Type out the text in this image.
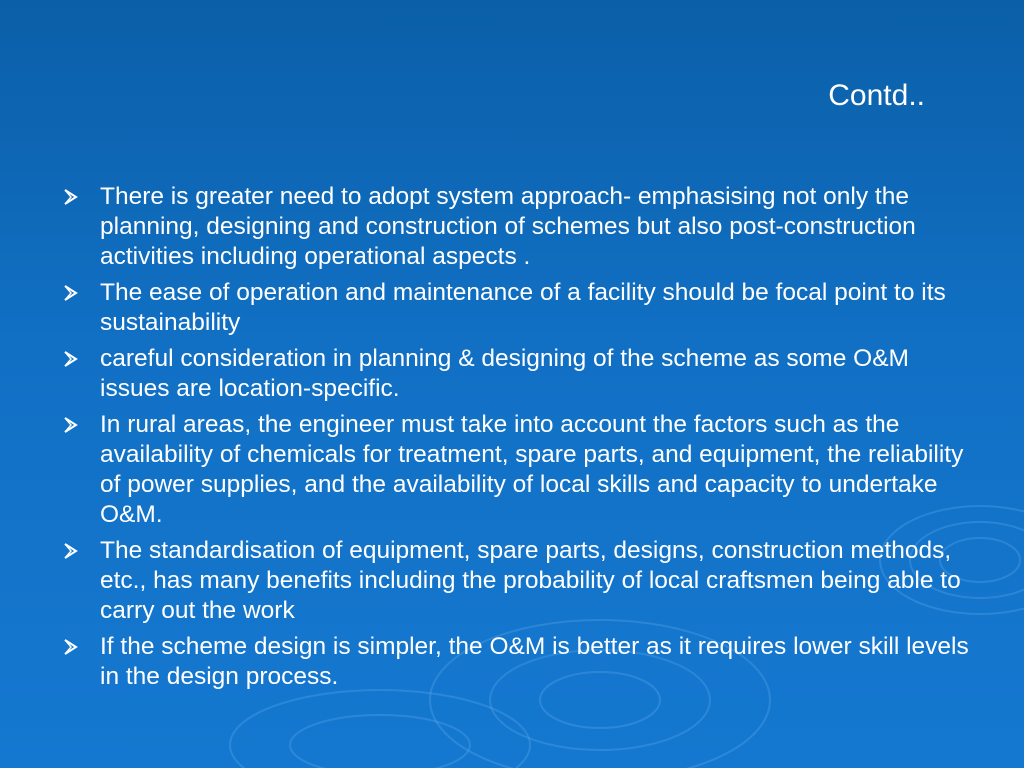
Contd..
There is greater need to adopt system approach- emphasising not only the planning, designing and construction of schemes but also post-construction activities including operational aspects .
The ease of operation and maintenance of a facility should be focal point to its sustainability
careful consideration in planning & designing of the scheme as some O&M issues are location-specific.
In rural areas, the engineer must take into account the factors such as the availability of chemicals for treatment, spare parts, and equipment, the reliability of power supplies, and the availability of local skills and capacity to undertake O&M.
The standardisation of equipment, spare parts, designs, construction methods, etc., has many benefits including the probability of local craftsmen being able to carry out the work
If the scheme design is simpler, the O&M is better as it requires lower skill levels in the design process.
